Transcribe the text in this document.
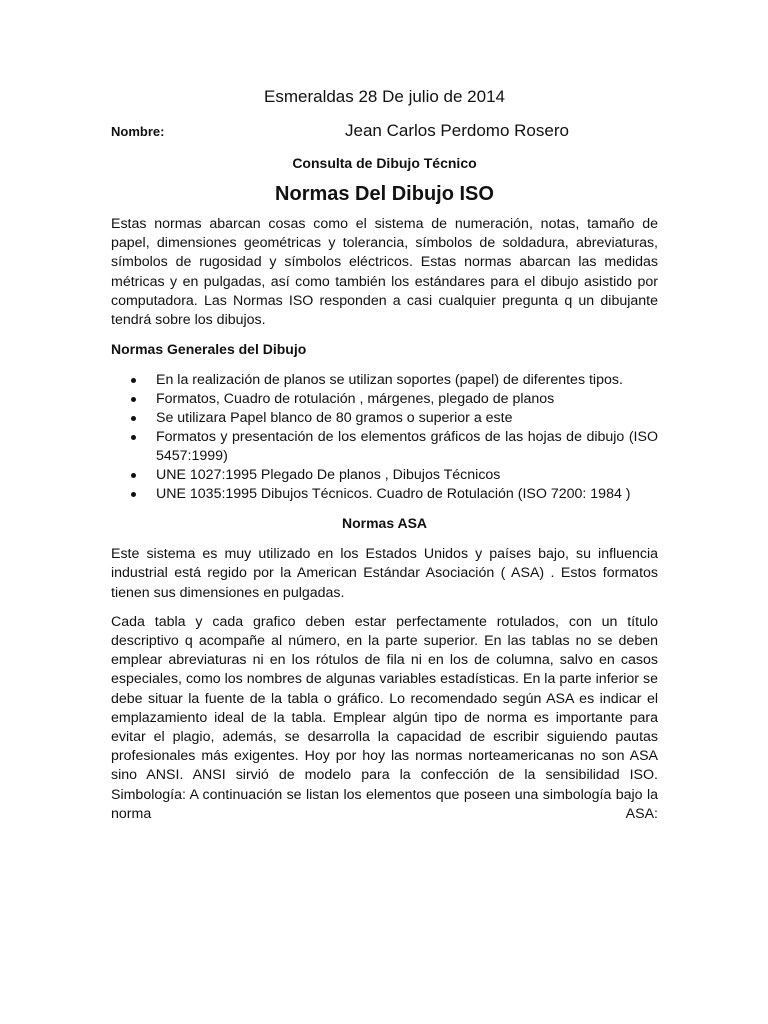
Esmeraldas 28 De julio de 2014
Nombre:	Jean Carlos Perdomo Rosero
Consulta de Dibujo Técnico
Normas Del Dibujo ISO

Estas normas abarcan cosas como el sistema de numeración, notas, tamaño de papel, dimensiones geométricas y tolerancia, símbolos de soldadura, abreviaturas, símbolos de rugosidad y símbolos eléctricos. Estas normas abarcan las medidas métricas y en pulgadas, así como también los estándares para el dibujo asistido por computadora. Las Normas ISO responden a casi cualquier pregunta q un dibujante tendrá sobre los dibujos.

Normas Generales del Dibujo
En la realización de planos se utilizan soportes (papel) de diferentes tipos.
Formatos, Cuadro de rotulación , márgenes, plegado de planos
Se utilizara Papel blanco de 80 gramos o superior a este
Formatos y presentación de los elementos gráficos de las hojas de dibujo (ISO 5457:1999)
UNE 1027:1995 Plegado De planos , Dibujos Técnicos
UNE 1035:1995 Dibujos Técnicos. Cuadro de Rotulación (ISO 7200: 1984 )
Normas ASA

Este sistema es muy utilizado en los Estados Unidos y países bajo, su influencia industrial está regido por la American Estándar Asociación ( ASA) . Estos formatos tienen sus dimensiones en pulgadas.

Cada tabla y cada grafico deben estar perfectamente rotulados, con un título descriptivo q acompañe al número, en la parte superior. En las tablas no se deben emplear abreviaturas ni en los rótulos de fila ni en los de columna, salvo en casos especiales, como los nombres de algunas variables estadísticas. En la parte inferior se debe situar la fuente de la tabla o gráfico. Lo recomendado según ASA es indicar el emplazamiento ideal de la tabla. Emplear algún tipo de norma es importante para evitar el plagio, además, se desarrolla la capacidad de escribir siguiendo pautas profesionales más exigentes. Hoy por hoy las normas norteamericanas no son ASA sino ANSI. ANSI sirvió de modelo para la confección de la sensibilidad ISO. Simbología: A continuación se listan los elementos que poseen una simbología bajo la norma ASA:
